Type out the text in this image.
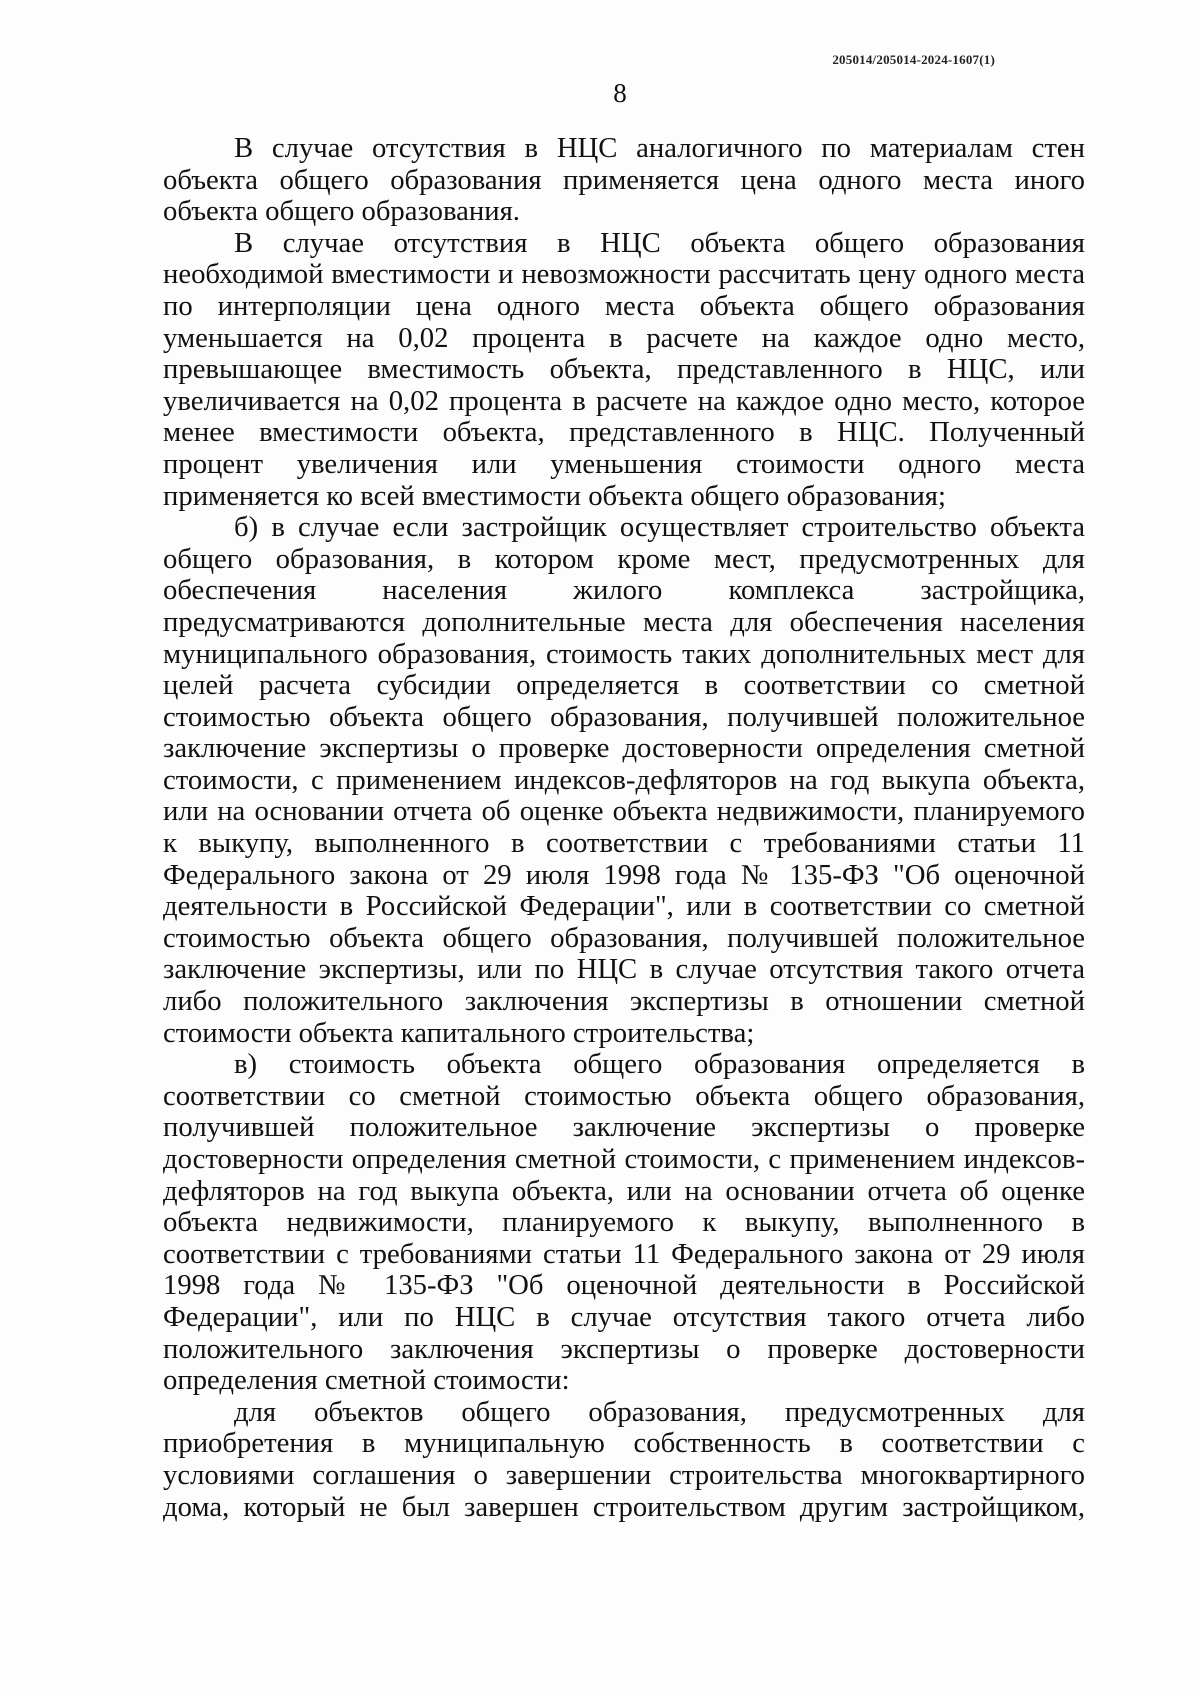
205014/205014-2024-1607(1)
8

В случае отсутствия в НЦС аналогичного по материалам стен объекта общего образования применяется цена одного места иного объекта общего образования.

В случае отсутствия в НЦС объекта общего образования необходимой вместимости и невозможности рассчитать цену одного места по интерполяции цена одного места объекта общего образования уменьшается на 0,02 процента в расчете на каждое одно место, превышающее вместимость объекта, представленного в НЦС, или увеличивается на 0,02 процента в расчете на каждое одно место, которое менее вместимости объекта, представленного в НЦС. Полученный процент увеличения или уменьшения стоимости одного места применяется ко всей вместимости объекта общего образования;

б) в случае если застройщик осуществляет строительство объекта общего образования, в котором кроме мест, предусмотренных для обеспечения населения жилого комплекса застройщика, предусматриваются дополнительные места для обеспечения населения муниципального образования, стоимость таких дополнительных мест для целей расчета субсидии определяется в соответствии со сметной стоимостью объекта общего образования, получившей положительное заключение экспертизы о проверке достоверности определения сметной стоимости, с применением индексов-дефляторов на год выкупа объекта, или на основании отчета об оценке объекта недвижимости, планируемого к выкупу, выполненного в соответствии с требованиями статьи 11 Федерального закона от 29 июля 1998 года № 135-ФЗ "Об оценочной деятельности в Российской Федерации", или в соответствии со сметной стоимостью объекта общего образования, получившей положительное заключение экспертизы, или по НЦС в случае отсутствия такого отчета либо положительного заключения экспертизы в отношении сметной стоимости объекта капитального строительства;

в) стоимость объекта общего образования определяется в соответствии со сметной стоимостью объекта общего образования, получившей положительное заключение экспертизы о проверке достоверности определения сметной стоимости, с применением индексов-дефляторов на год выкупа объекта, или на основании отчета об оценке объекта недвижимости, планируемого к выкупу, выполненного в соответствии с требованиями статьи 11 Федерального закона от 29 июля 1998 года № 135-ФЗ "Об оценочной деятельности в Российской Федерации", или по НЦС в случае отсутствия такого отчета либо положительного заключения экспертизы о проверке достоверности определения сметной стоимости:

для объектов общего образования, предусмотренных для приобретения в муниципальную собственность в соответствии с условиями соглашения о завершении строительства многоквартирного дома, который не был завершен строительством другим застройщиком,
